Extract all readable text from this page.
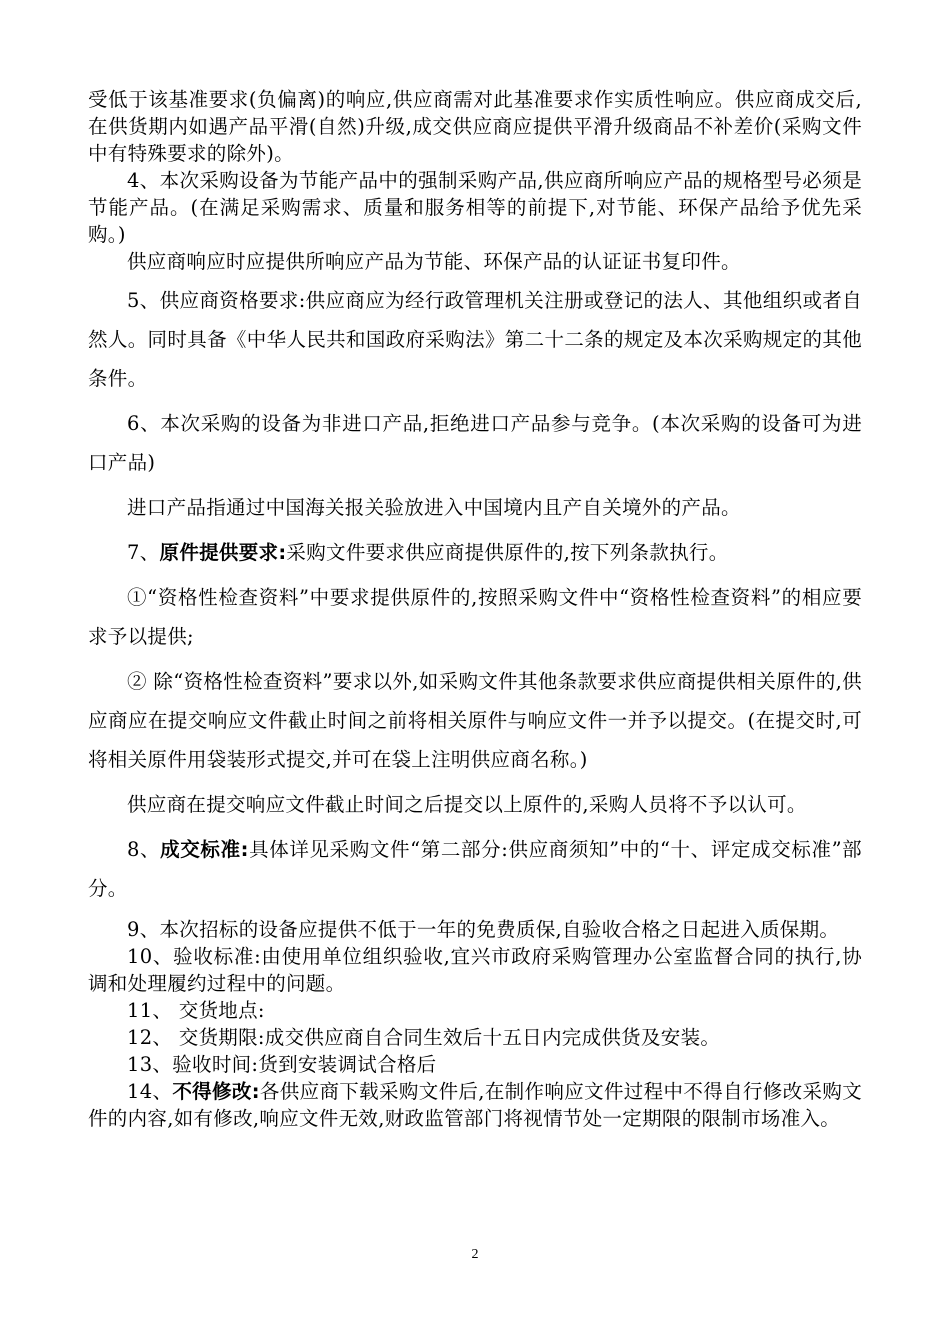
受低于该基准要求(负偏离)的响应,供应商需对此基准要求作实质性响应。供应商成交后,在供货期内如遇产品平滑(自然)升级,成交供应商应提供平滑升级商品不补差价(采购文件中有特殊要求的除外)。

4、本次采购设备为节能产品中的强制采购产品,供应商所响应产品的规格型号必须是节能产品。(在满足采购需求、质量和服务相等的前提下,对节能、环保产品给予优先采购。)

供应商响应时应提供所响应产品为节能、环保产品的认证证书复印件。

5、供应商资格要求:供应商应为经行政管理机关注册或登记的法人、其他组织或者自然人。同时具备《中华人民共和国政府采购法》第二十二条的规定及本次采购规定的其他条件。

6、本次采购的设备为非进口产品,拒绝进口产品参与竞争。(本次采购的设备可为进口产品)

进口产品指通过中国海关报关验放进入中国境内且产自关境外的产品。

7、原件提供要求:采购文件要求供应商提供原件的,按下列条款执行。

①“资格性检查资料”中要求提供原件的,按照采购文件中“资格性检查资料”的相应要求予以提供;

② 除“资格性检查资料”要求以外,如采购文件其他条款要求供应商提供相关原件的,供应商应在提交响应文件截止时间之前将相关原件与响应文件一并予以提交。(在提交时,可将相关原件用袋装形式提交,并可在袋上注明供应商名称。)

供应商在提交响应文件截止时间之后提交以上原件的,采购人员将不予以认可。

8、成交标准:具体详见采购文件“第二部分:供应商须知”中的“十、评定成交标准”部分。

9、本次招标的设备应提供不低于一年的免费质保,自验收合格之日起进入质保期。

10、验收标准:由使用单位组织验收,宜兴市政府采购管理办公室监督合同的执行,协调和处理履约过程中的问题。

11、 交货地点:

12、 交货期限:成交供应商自合同生效后十五日内完成供货及安装。

13、验收时间:货到安装调试合格后

14、不得修改:各供应商下载采购文件后,在制作响应文件过程中不得自行修改采购文件的内容,如有修改,响应文件无效,财政监管部门将视情节处一定期限的限制市场准入。

2
